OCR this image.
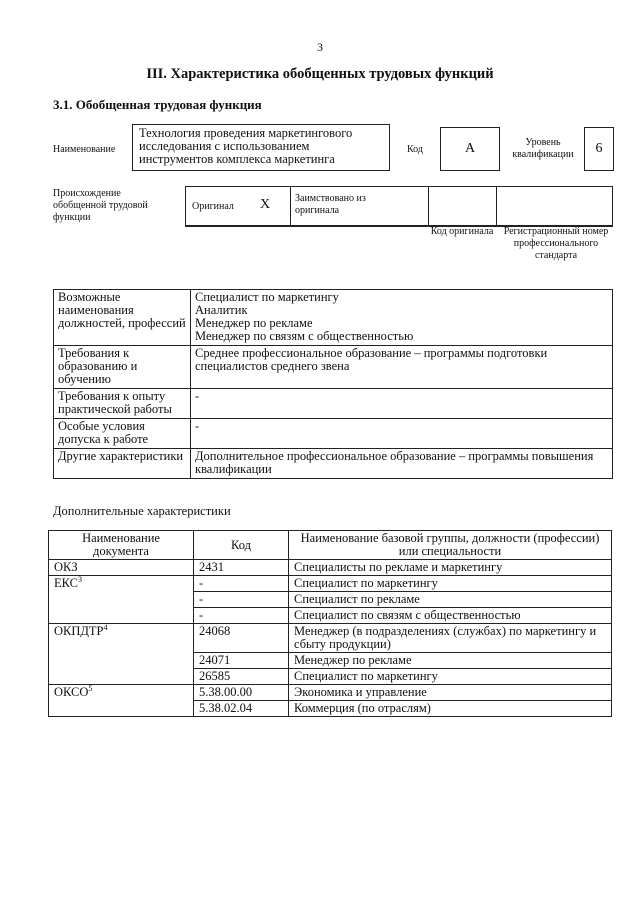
3
III. Характеристика обобщенных трудовых функций
3.1. Обобщенная трудовая функция
Наименование
Технология проведения маркетингового исследования с использованием инструментов комплекса маркетинга
Код	А	Уровень квалификации	6
Происхождение обобщенной трудовой функции
Оригинал X Заимствовано из оригинала
Код оригинала	Регистрационный номер профессионального стандарта
Возможные наименования должностей, профессий	Специалист по маркетингу
Аналитик
Менеджер по рекламе
Менеджер по связям с общественностью

Требования к образованию и обучению	Среднее профессиональное образование – программы подготовки специалистов среднего звена
Требования к опыту практической работы	-
Особые условия допуска к работе	-
Другие характеристики	Дополнительное профессиональное образование – программы повышения квалификации
Дополнительные характеристики
Наименование документа	Код	Наименование базовой группы, должности (профессии) или специальности
ОКЗ	2431	Специалисты по рекламе и маркетингу
ЕКС$^3$	-	Специалист по маркетингу
	-	Специалист по рекламе
	-	Специалист по связям с общественностью
ОКПДТР$^4$	24068	Менеджер (в подразделениях (службах) по маркетингу и сбыту продукции)
	24071	Менеджер по рекламе
	26585	Специалист по маркетингу
ОКСО$^5$	5.38.00.00	Экономика и управление
	5.38.02.04	Коммерция (по отраслям)
